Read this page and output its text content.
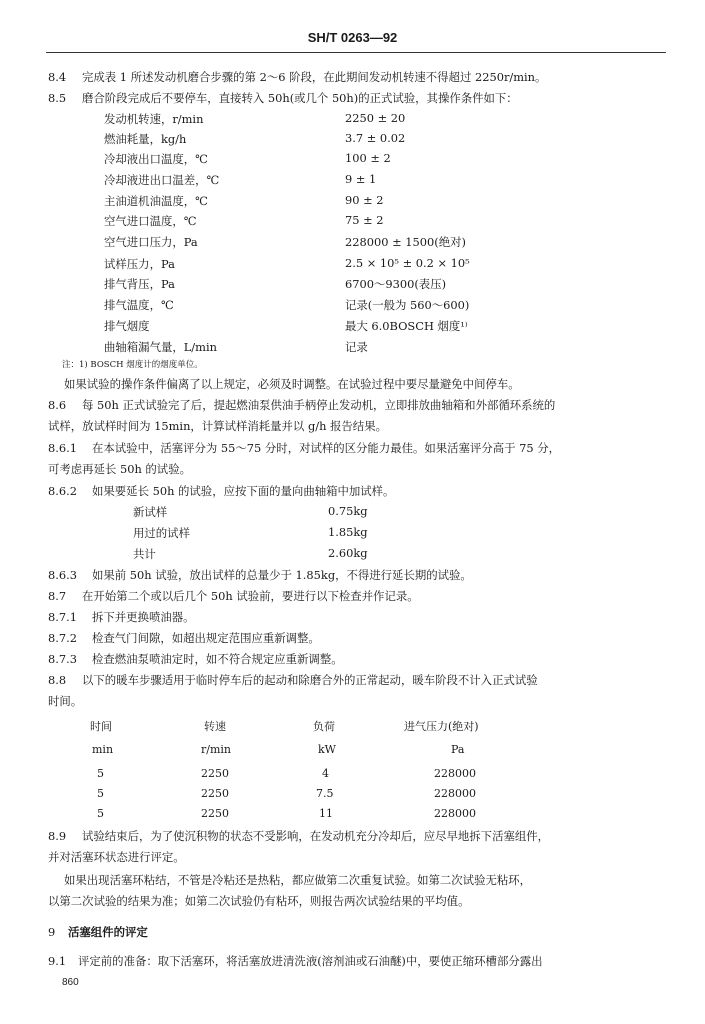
SH/T 0263—92
8.4 完成表 1 所述发动机磨合步骤的第 2～6 阶段，在此期间发动机转速不得超过 2250r/min。
8.5 磨合阶段完成后不要停车，直接转入 50h(或几个 50h)的正式试验，其操作条件如下：
发动机转速，r/min	2250 ± 20
燃油耗量，kg/h	3.7 ± 0.02
冷却液出口温度，℃	100 ± 2
冷却液进出口温差，℃	9 ± 1
主油道机油温度，℃	90 ± 2
空气进口温度，℃	75 ± 2
空气进口压力，Pa	228000 ± 1500(绝对)
试样压力，Pa	2.5 × 10⁵ ± 0.2 × 10⁵
排气背压，Pa	6700～9300(表压)
排气温度，℃	记录(一般为 560～600)
排气烟度	最大 6.0BOSCH 烟度¹⁾
曲轴箱漏气量，L/min	记录
注：1) BOSCH 烟度计的烟度单位。
如果试验的操作条件偏离了以上规定，必须及时调整。在试验过程中要尽量避免中间停车。
8.6 每 50h 正式试验完了后，提起燃油泵供油手柄停止发动机，立即排放曲轴箱和外部循环系统的
试样，放试样时间为 15min，计算试样消耗量并以 g/h 报告结果。
8.6.1 在本试验中，活塞评分为 55～75 分时，对试样的区分能力最佳。如果活塞评分高于 75 分，
可考虑再延长 50h 的试验。
8.6.2 如果要延长 50h 的试验，应按下面的量向曲轴箱中加试样。
新试样	0.75kg
用过的试样	1.85kg
共计	2.60kg
8.6.3 如果前 50h 试验，放出试样的总量少于 1.85kg，不得进行延长期的试验。
8.7 在开始第二个或以后几个 50h 试验前，要进行以下检查并作记录。
8.7.1 拆下并更换喷油器。
8.7.2 检查气门间隙，如超出规定范围应重新调整。
8.7.3 检查燃油泵喷油定时，如不符合规定应重新调整。
8.8 以下的暖车步骤适用于临时停车后的起动和除磨合外的正常起动，暖车阶段不计入正式试验
时间。
时间	转速	负荷	进气压力(绝对)
min	r/min	kW	Pa
5	2250	4	228000
5	2250	7.5	228000
5	2250	11	228000
8.9 试验结束后，为了使沉积物的状态不受影响，在发动机充分冷却后，应尽早地拆下活塞组件，
并对活塞环状态进行评定。
如果出现活塞环粘结，不管是冷粘还是热粘，都应做第二次重复试验。如第二次试验无粘环，
以第二次试验的结果为准；如第二次试验仍有粘环，则报告两次试验结果的平均值。
9 活塞组件的评定
9.1 评定前的准备：取下活塞环，将活塞放进清洗液(溶剂油或石油醚)中，要使正缩环槽部分露出
860
